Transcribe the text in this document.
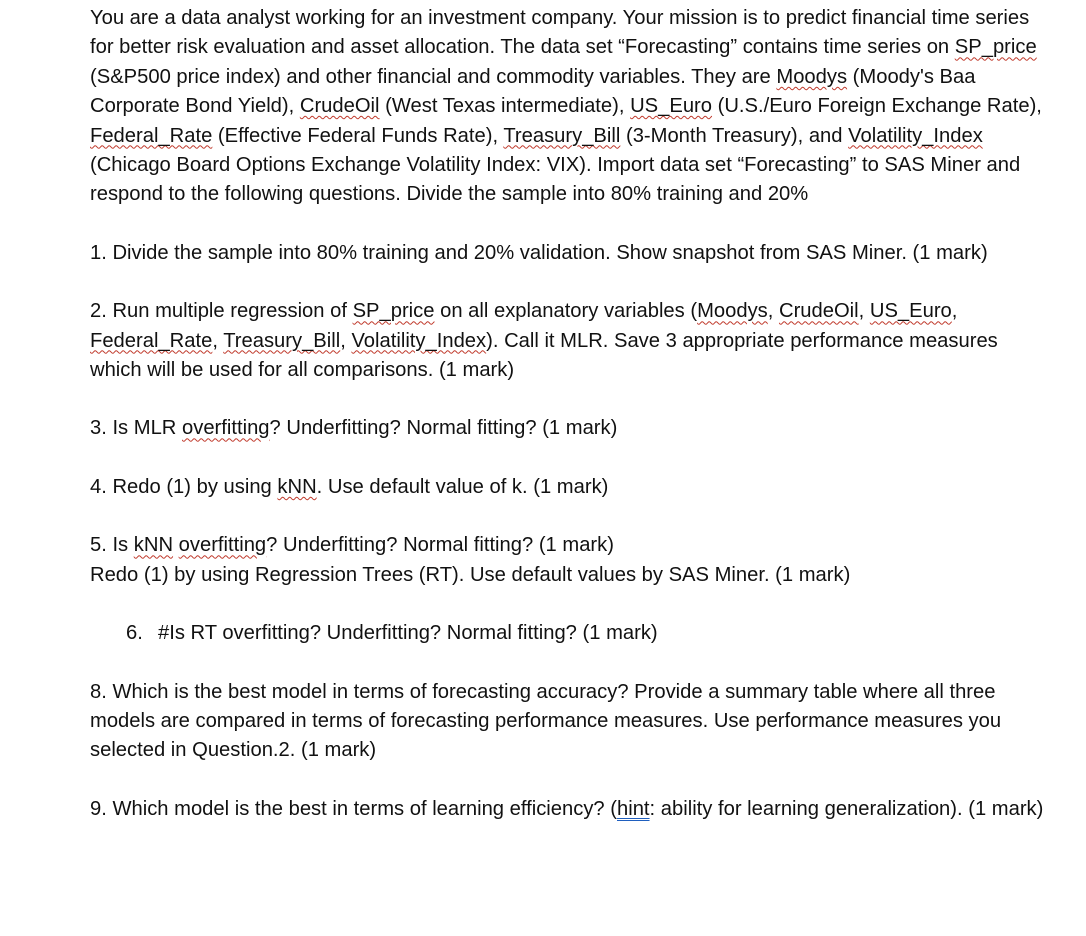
You are a data analyst working for an investment company. Your mission is to predict financial time series for better risk evaluation and asset allocation. The data set “Forecasting” contains time series on SP_price (S&P500 price index) and other financial and commodity variables. They are Moodys (Moody's Baa Corporate Bond Yield), CrudeOil (West Texas intermediate), US_Euro (U.S./Euro Foreign Exchange Rate), Federal_Rate (Effective Federal Funds Rate), Treasury_Bill (3-Month Treasury), and Volatility_Index (Chicago Board Options Exchange Volatility Index: VIX). Import data set “Forecasting” to SAS Miner and respond to the following questions. Divide the sample into 80% training and 20%

1. Divide the sample into 80% training and 20% validation. Show snapshot from SAS Miner. (1 mark)

2. Run multiple regression of SP_price on all explanatory variables (Moodys, CrudeOil, US_Euro, Federal_Rate, Treasury_Bill, Volatility_Index). Call it MLR. Save 3 appropriate performance measures which will be used for all comparisons. (1 mark)

3. Is MLR overfitting? Underfitting? Normal fitting? (1 mark)

4. Redo (1) by using kNN. Use default value of k. (1 mark)

5. Is kNN overfitting? Underfitting? Normal fitting? (1 mark)
Redo (1) by using Regression Trees (RT). Use default values by SAS Miner. (1 mark)

6. #Is RT overfitting? Underfitting? Normal fitting? (1 mark)

8. Which is the best model in terms of forecasting accuracy? Provide a summary table where all three models are compared in terms of forecasting performance measures. Use performance measures you selected in Question.2. (1 mark)

9. Which model is the best in terms of learning efficiency? (hint: ability for learning generalization). (1 mark)
